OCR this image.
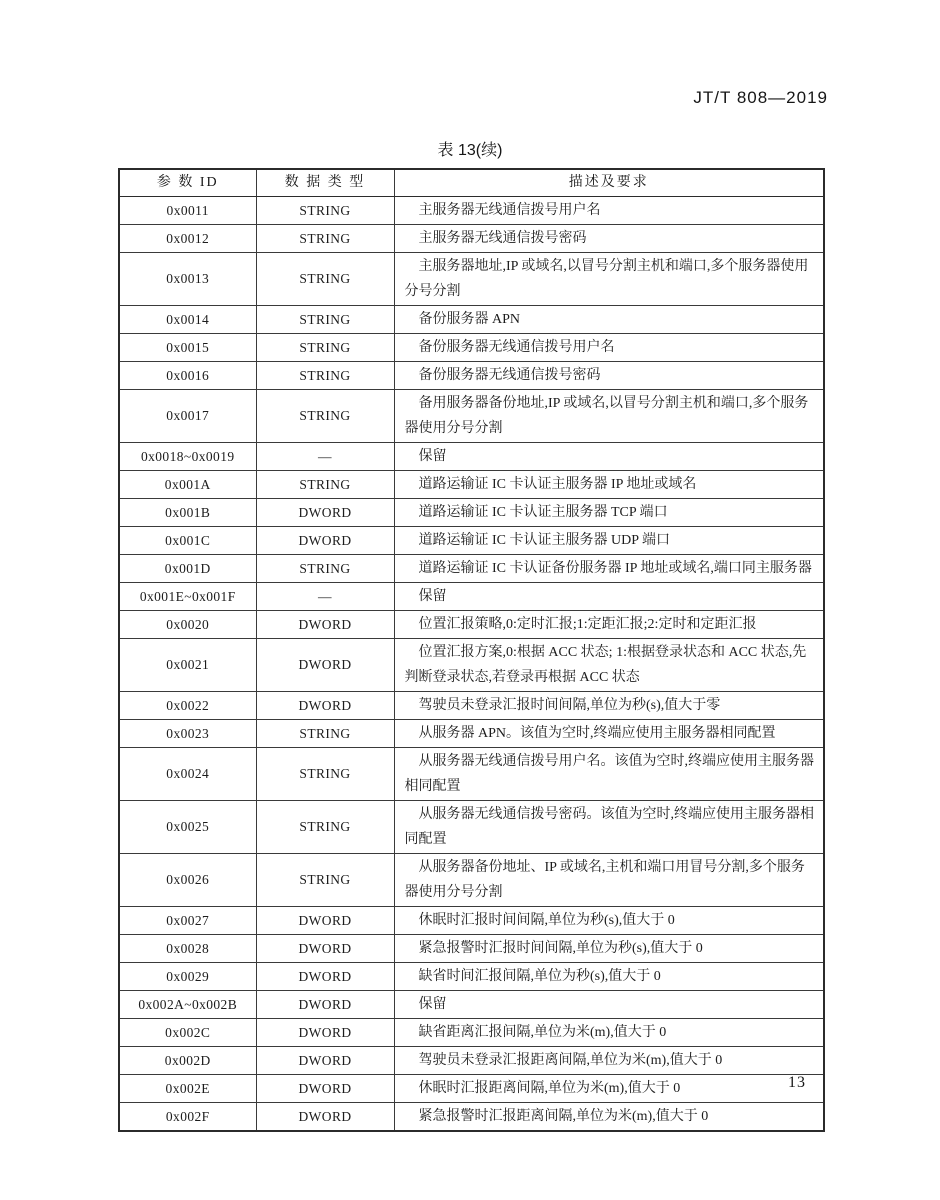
JT/T 808—2019
表 13(续)
参 数 ID	数 据 类 型	描述及要求
0x0011	STRING	主服务器无线通信拨号用户名
0x0012	STRING	主服务器无线通信拨号密码
0x0013	STRING	主服务器地址,IP 或域名,以冒号分割主机和端口,多个服务器使用分号分割
0x0014	STRING	备份服务器 APN
0x0015	STRING	备份服务器无线通信拨号用户名
0x0016	STRING	备份服务器无线通信拨号密码
0x0017	STRING	备用服务器备份地址,IP 或域名,以冒号分割主机和端口,多个服务器使用分号分割
0x0018~0x0019	—	保留
0x001A	STRING	道路运输证 IC 卡认证主服务器 IP 地址或域名
0x001B	DWORD	道路运输证 IC 卡认证主服务器 TCP 端口
0x001C	DWORD	道路运输证 IC 卡认证主服务器 UDP 端口
0x001D	STRING	道路运输证 IC 卡认证备份服务器 IP 地址或域名,端口同主服务器
0x001E~0x001F	—	保留
0x0020	DWORD	位置汇报策略,0:定时汇报;1:定距汇报;2:定时和定距汇报
0x0021	DWORD	位置汇报方案,0:根据 ACC 状态; 1:根据登录状态和 ACC 状态,先判断登录状态,若登录再根据 ACC 状态
0x0022	DWORD	驾驶员未登录汇报时间间隔,单位为秒(s),值大于零
0x0023	STRING	从服务器 APN。该值为空时,终端应使用主服务器相同配置
0x0024	STRING	从服务器无线通信拨号用户名。该值为空时,终端应使用主服务器相同配置
0x0025	STRING	从服务器无线通信拨号密码。该值为空时,终端应使用主服务器相同配置
0x0026	STRING	从服务器备份地址、IP 或域名,主机和端口用冒号分割,多个服务器使用分号分割
0x0027	DWORD	休眠时汇报时间间隔,单位为秒(s),值大于 0
0x0028	DWORD	紧急报警时汇报时间间隔,单位为秒(s),值大于 0
0x0029	DWORD	缺省时间汇报间隔,单位为秒(s),值大于 0
0x002A~0x002B	DWORD	保留
0x002C	DWORD	缺省距离汇报间隔,单位为米(m),值大于 0
0x002D	DWORD	驾驶员未登录汇报距离间隔,单位为米(m),值大于 0
0x002E	DWORD	休眠时汇报距离间隔,单位为米(m),值大于 0
0x002F	DWORD	紧急报警时汇报距离间隔,单位为米(m),值大于 0
13
